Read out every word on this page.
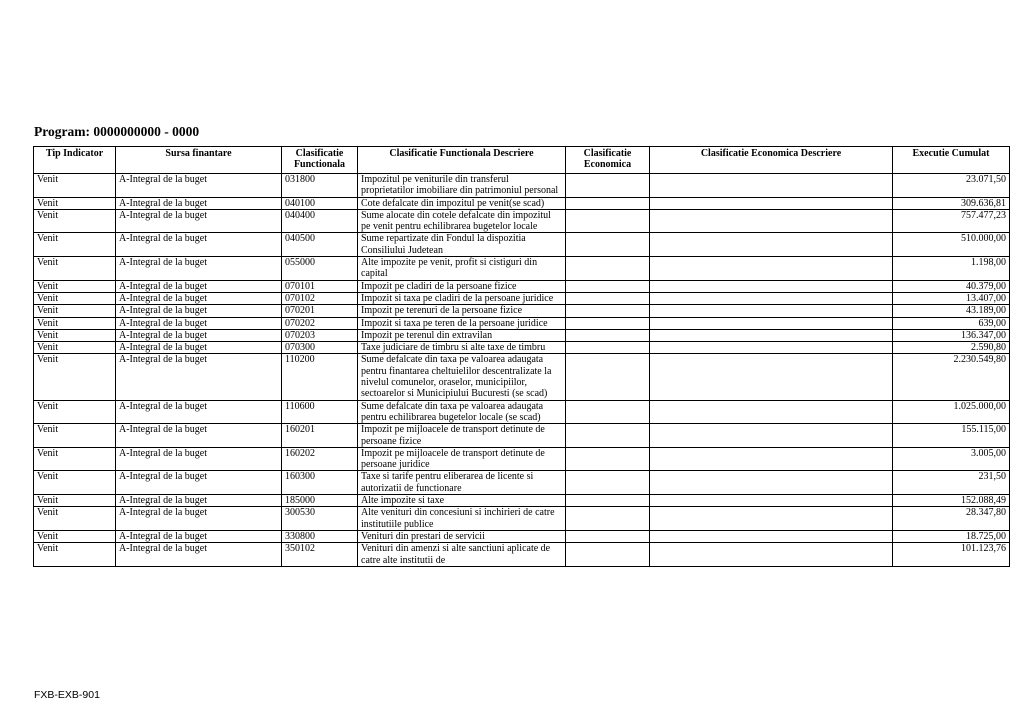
Program: 0000000000 - 0000
Tip Indicator	Sursa finantare	Clasificatie Functionala	Clasificatie Functionala Descriere	Clasificatie Economica	Clasificatie Economica Descriere	Executie Cumulat
Venit	A-Integral de la buget	031800	Impozitul pe veniturile din transferul proprietatilor imobiliare din patrimoniul personal			23.071,50
Venit	A-Integral de la buget	040100	Cote defalcate din impozitul pe venit(se scad)			309.636,81
Venit	A-Integral de la buget	040400	Sume alocate din cotele defalcate din impozitul pe venit pentru echilibrarea bugetelor locale			757.477,23
Venit	A-Integral de la buget	040500	Sume repartizate din Fondul la dispozitia Consiliului Judetean			510.000,00
Venit	A-Integral de la buget	055000	Alte impozite pe venit, profit si cistiguri din capital			1.198,00
Venit	A-Integral de la buget	070101	Impozit pe cladiri de la persoane fizice			40.379,00
Venit	A-Integral de la buget	070102	Impozit si taxa pe cladiri de la persoane juridice			13.407,00
Venit	A-Integral de la buget	070201	Impozit pe terenuri de la persoane fizice			43.189,00
Venit	A-Integral de la buget	070202	Impozit si taxa pe teren de la persoane juridice			639,00
Venit	A-Integral de la buget	070203	Impozit pe terenul din extravilan			136.347,00
Venit	A-Integral de la buget	070300	Taxe judiciare de timbru si alte taxe de timbru			2.590,80
Venit	A-Integral de la buget	110200	Sume defalcate din taxa pe valoarea adaugata pentru finantarea cheltuielilor descentralizate la nivelul comunelor, oraselor, municipiilor, sectoarelor si Municipiului Bucuresti (se scad)			2.230.549,80
Venit	A-Integral de la buget	110600	Sume defalcate din taxa pe valoarea adaugata pentru echilibrarea bugetelor locale (se scad)			1.025.000,00
Venit	A-Integral de la buget	160201	Impozit pe mijloacele de transport detinute de persoane fizice			155.115,00
Venit	A-Integral de la buget	160202	Impozit pe mijloacele de transport detinute de persoane juridice			3.005,00
Venit	A-Integral de la buget	160300	Taxe si tarife pentru eliberarea de licente si autorizatii de functionare			231,50
Venit	A-Integral de la buget	185000	Alte impozite si taxe			152.088,49
Venit	A-Integral de la buget	300530	Alte venituri din concesiuni si inchirieri de catre institutiile publice			28.347,80
Venit	A-Integral de la buget	330800	Venituri din prestari de servicii			18.725,00
Venit	A-Integral de la buget	350102	Venituri din amenzi si alte sanctiuni aplicate de catre alte institutii de			101.123,76
FXB-EXB-901
